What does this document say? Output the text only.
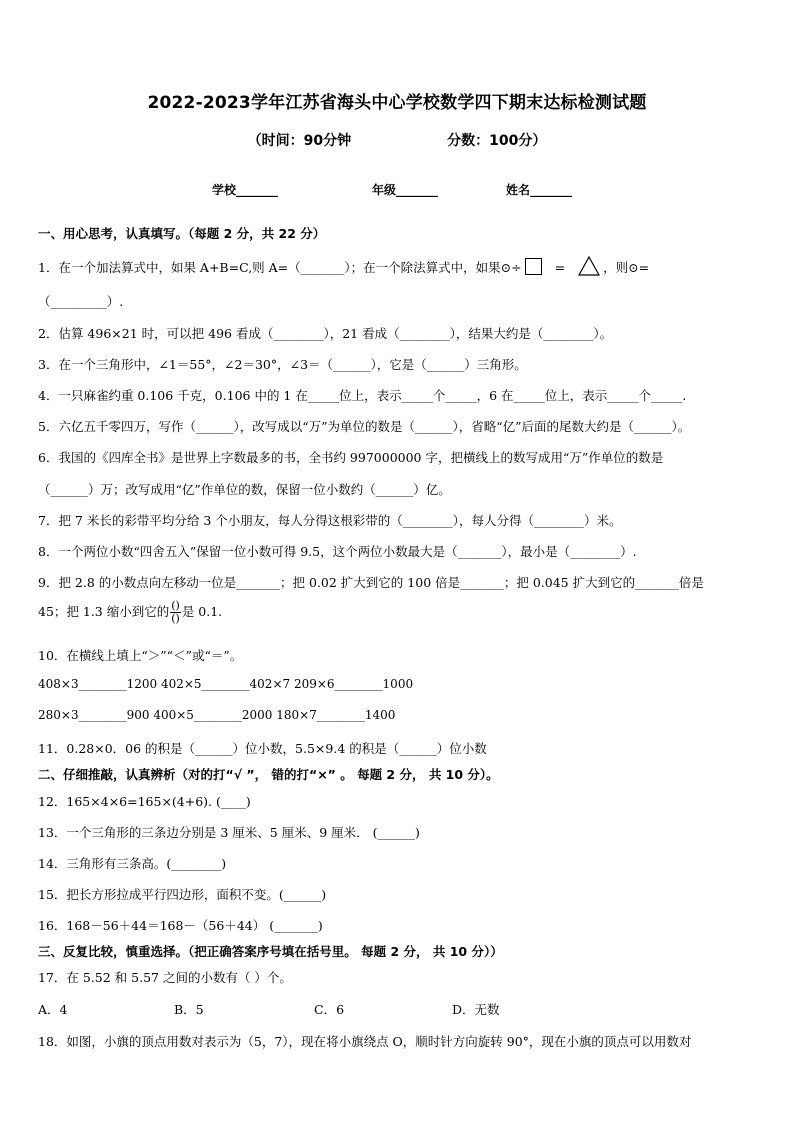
2022-2023学年江苏省海头中心学校数学四下期末达标检测试题
（时间：90分钟	分数：100分）
学校_______	年级_______	姓名_______
一、用心思考，认真填写。（每题 2 分，共 22 分）
1．在一个加法算式中，如果 A+B=C,则 A=（_______）；在一个除法算式中，如果⊙÷	=	，则⊙=
（_________）.
2．估算 496×21 时，可以把 496 看成（________），21 看成（________），结果大约是（________）。
3．在一个三角形中，∠1＝55°，∠2＝30°，∠3＝（______），它是（______）三角形。
4．一只麻雀约重 0.106 千克，0.106 中的 1 在_____位上，表示_____个_____，6 在_____位上，表示_____个_____.
5．六亿五千零四万，写作（______），改写成以“万”为单位的数是（______），省略“亿”后面的尾数大约是（______）。
6．我国的《四库全书》是世界上字数最多的书，全书约 997000000 字，把横线上的数写成用“万”作单位的数是
（______）万；改写成用“亿”作单位的数，保留一位小数约（______）亿。
7．把 7 米长的彩带平均分给 3 个小朋友，每人分得这根彩带的（________），每人分得（________）米。
8．一个两位小数“四舍五入”保留一位小数可得 9.5，这个两位小数最大是（_______），最小是（________）.
9．把 2.8 的小数点向左移动一位是_______；把 0.02 扩大到它的 100 倍是_______；把 0.045 扩大到它的_______倍是
45；把 1.3 缩小到它的 $\frac{()}{()}$ 是 0.1.
10．在横线上填上“＞”“＜”或“＝”。
408×3________1200 402×5________402×7 209×6________1000
280×3________900 400×5________2000 180×7________1400
11．0.28×0．06 的积是（______）位小数，5.5×9.4 的积是（______）位小数
二、仔细推敲，认真辨析（对的打“√ ”， 错的打“×” 。 每题 2 分， 共 10 分）。
12．165×4×6=165×(4+6). (____)
13．一个三角形的三条边分别是 3 厘米、5 厘米、9 厘米． (______)
14．三角形有三条高。(________)
15．把长方形拉成平行四边形，面积不变。(______)
16．168－56＋44＝168－（56＋44） (_______)
三、反复比较，慎重选择。（把正确答案序号填在括号里。 每题 2 分， 共 10 分））
17．在 5.52 和 5.57 之间的小数有（ ）个。
A．4	B．5	C．6	D．无数
18．如图，小旗的顶点用数对表示为（5，7），现在将小旗绕点 O，顺时针方向旋转 90°，现在小旗的顶点可以用数对
